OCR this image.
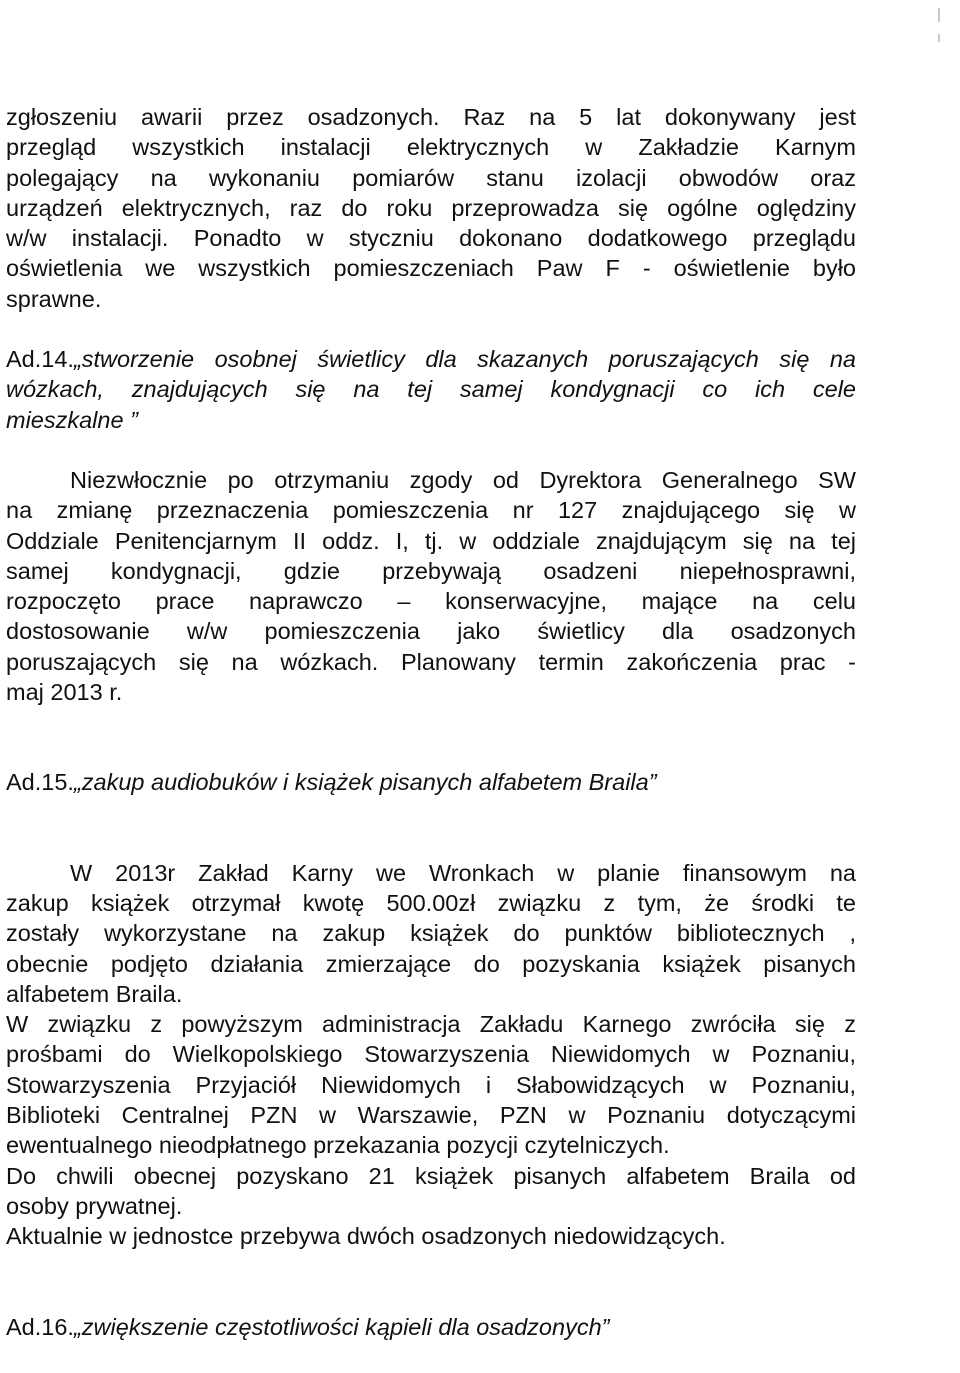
zgłoszeniu awarii przez osadzonych. Raz na 5 lat dokonywany jest
przegląd wszystkich instalacji elektrycznych w Zakładzie Karnym
polegający na wykonaniu pomiarów stanu izolacji obwodów oraz
urządzeń elektrycznych, raz do roku przeprowadza się ogólne oględziny
w/w instalacji. Ponadto w styczniu dokonano dodatkowego przeglądu
oświetlenia we wszystkich pomieszczeniach Paw F - oświetlenie było
sprawne.
Ad.14.„stworzenie osobnej świetlicy dla skazanych poruszających się na
wózkach, znajdujących się na tej samej kondygnacji co ich cele
mieszkalne ”
Niezwłocznie po otrzymaniu zgody od Dyrektora Generalnego SW
na zmianę przeznaczenia pomieszczenia nr 127 znajdującego się w
Oddziale Penitencjarnym II oddz. I, tj. w oddziale znajdującym się na tej
samej kondygnacji, gdzie przebywają osadzeni niepełnosprawni,
rozpoczęto prace naprawczo – konserwacyjne, mające na celu
dostosowanie w/w pomieszczenia jako świetlicy dla osadzonych
poruszających się na wózkach. Planowany termin zakończenia prac -
maj 2013 r.
Ad.15.„zakup audiobuków i książek pisanych alfabetem Braila”
W 2013r Zakład Karny we Wronkach w planie finansowym na
zakup książek otrzymał kwotę 500.00zł związku z tym, że środki te
zostały wykorzystane na zakup książek do punktów bibliotecznych ,
obecnie podjęto działania zmierzające do pozyskania książek pisanych
alfabetem Braila.
W związku z powyższym administracja Zakładu Karnego zwróciła się z
prośbami do Wielkopolskiego Stowarzyszenia Niewidomych w Poznaniu,
Stowarzyszenia Przyjaciół Niewidomych i Słabowidzących w Poznaniu,
Biblioteki Centralnej PZN w Warszawie, PZN w Poznaniu dotyczącymi
ewentualnego nieodpłatnego przekazania pozycji czytelniczych.
Do chwili obecnej pozyskano 21 książek pisanych alfabetem Braila od
osoby prywatnej.
Aktualnie w jednostce przebywa dwóch osadzonych niedowidzących.
Ad.16.„zwiększenie częstotliwości kąpieli dla osadzonych”
